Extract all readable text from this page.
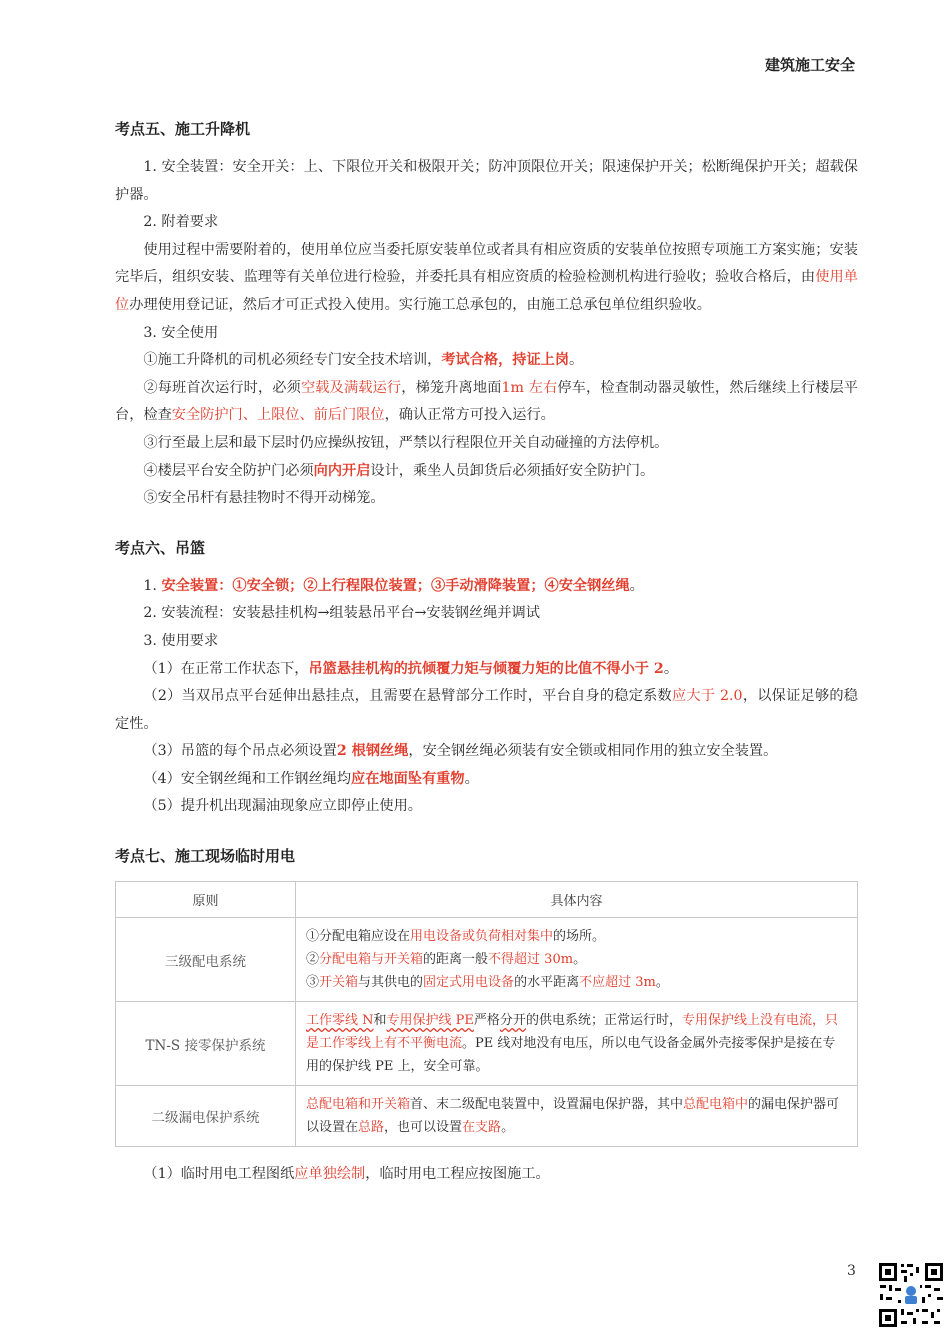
建筑施工安全
考点五、施工升降机

1. 安全装置：安全开关：上、下限位开关和极限开关；防冲顶限位开关；限速保护开关；松断绳保护开关；超载保护器。

2. 附着要求

使用过程中需要附着的，使用单位应当委托原安装单位或者具有相应资质的安装单位按照专项施工方案实施；安装完毕后，组织安装、监理等有关单位进行检验，并委托具有相应资质的检验检测机构进行验收；验收合格后，由使用单位办理使用登记证，然后才可正式投入使用。实行施工总承包的，由施工总承包单位组织验收。

3. 安全使用

①施工升降机的司机必须经专门安全技术培训，考试合格，持证上岗。

②每班首次运行时，必须空载及满载运行，梯笼升离地面1m 左右停车，检查制动器灵敏性，然后继续上行楼层平台，检查安全防护门、上限位、前后门限位，确认正常方可投入运行。

③行至最上层和最下层时仍应操纵按钮，严禁以行程限位开关自动碰撞的方法停机。

④楼层平台安全防护门必须向内开启设计，乘坐人员卸货后必须插好安全防护门。

⑤安全吊杆有悬挂物时不得开动梯笼。

考点六、吊篮

1. 安全装置：①安全锁；②上行程限位装置；③手动滑降装置；④安全钢丝绳。

2. 安装流程：安装悬挂机构→组装悬吊平台→安装钢丝绳并调试

3. 使用要求

（1）在正常工作状态下，吊篮悬挂机构的抗倾覆力矩与倾覆力矩的比值不得小于 2。

（2）当双吊点平台延伸出悬挂点，且需要在悬臂部分工作时，平台自身的稳定系数应大于 2.0，以保证足够的稳定性。

（3）吊篮的每个吊点必须设置2 根钢丝绳，安全钢丝绳必须装有安全锁或相同作用的独立安全装置。

（4）安全钢丝绳和工作钢丝绳均应在地面坠有重物。

（5）提升机出现漏油现象应立即停止使用。

考点七、施工现场临时用电
原则	具体内容
三级配电系统	①分配电箱应设在用电设备或负荷相对集中的场所。
②分配电箱与开关箱的距离一般不得超过 30m。
③开关箱与其供电的固定式用电设备的水平距离不应超过 3m。

TN-S 接零保护系统	工作零线 N和专用保护线 PE严格分开的供电系统；正常运行时，专用保护线上没有电流，只是工作零线上有不平衡电流。PE 线对地没有电压，所以电气设备金属外壳接零保护是接在专用的保护线 PE 上，安全可靠。
二级漏电保护系统	总配电箱和开关箱首、末二级配电装置中，设置漏电保护器，其中总配电箱中的漏电保护器可以设置在总路，也可以设置在支路。

（1）临时用电工程图纸应单独绘制，临时用电工程应按图施工。

3
